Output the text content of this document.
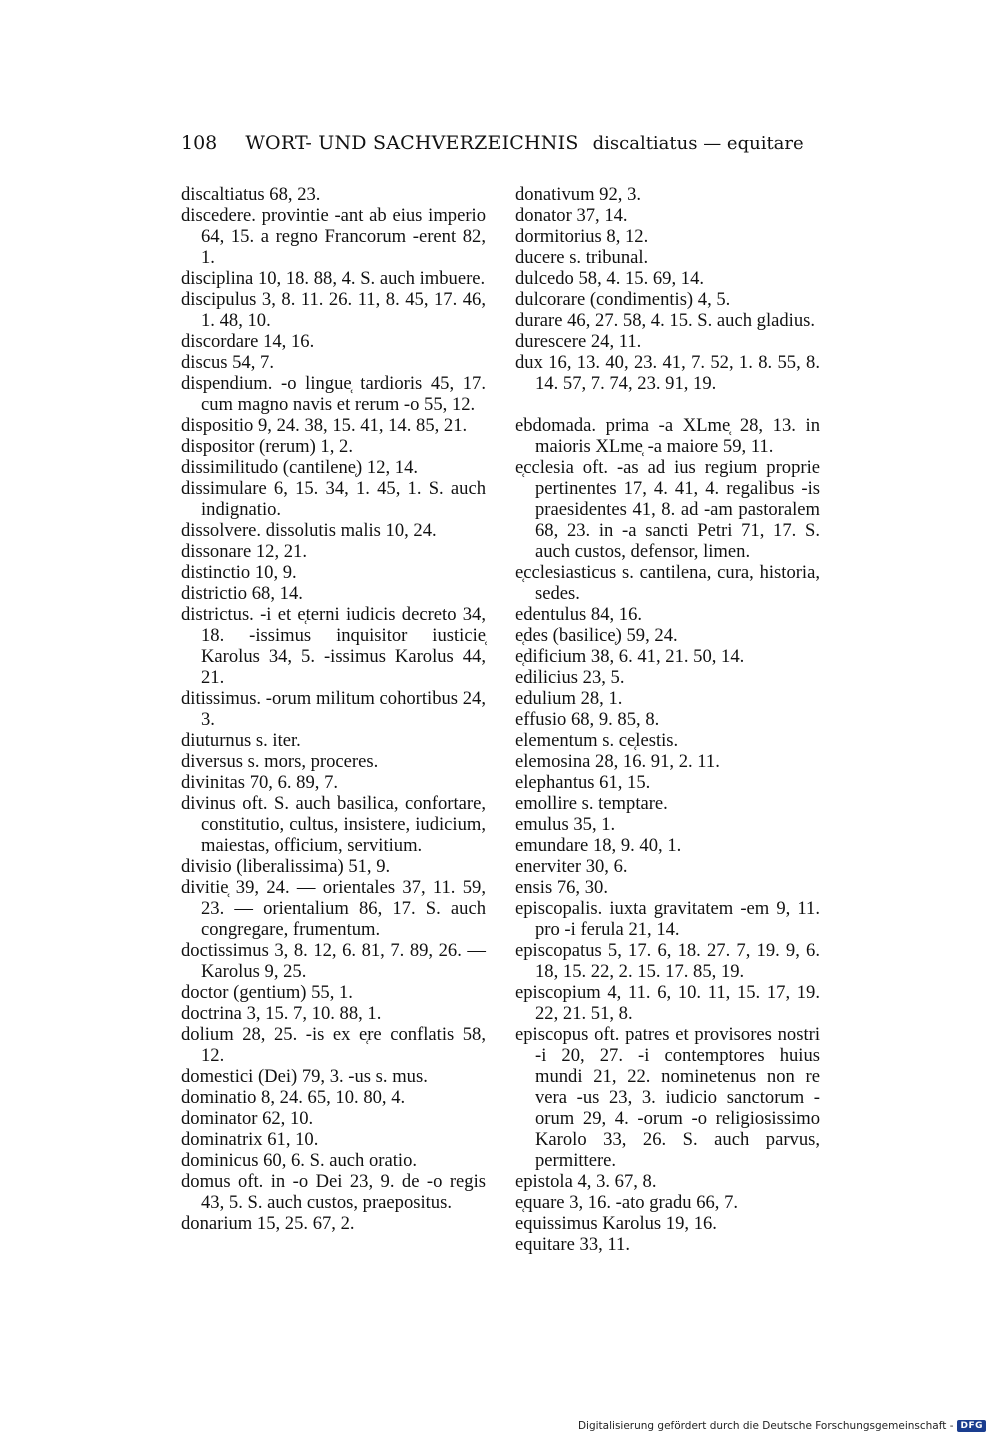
108 WORT- UND SACHVERZEICHNIS discaltiatus — equitare

discaltiatus 68, 23.

discedere. provintie -ant ab eius imperio 64, 15. a regno Francorum -erent 82, 1.

disciplina 10, 18. 88, 4. S. auch imbuere.

discipulus 3, 8. 11. 26. 11, 8. 45, 17. 46, 1. 48, 10.

discordare 14, 16.

discus 54, 7.

dispendium. -o lingue̜ tardioris 45, 17. cum magno navis et rerum -o 55, 12.

dispositio 9, 24. 38, 15. 41, 14. 85, 21.

dispositor (rerum) 1, 2.

dissimilitudo (cantilene̜) 12, 14.

dissimulare 6, 15. 34, 1. 45, 1. S. auch indignatio.

dissolvere. dissolutis malis 10, 24.

dissonare 12, 21.

distinctio 10, 9.

districtio 68, 14.

districtus. -i et e̜terni iudicis decreto 34, 18. -issimus inquisitor iusticie̜ Karolus 34, 5. -issimus Karolus 44, 21.

ditissimus. -orum militum cohortibus 24, 3.

diuturnus s. iter.

diversus s. mors, proceres.

divinitas 70, 6. 89, 7.

divinus oft. S. auch basilica, confortare, constitutio, cultus, insistere, iudicium, maiestas, officium, servitium.

divisio (liberalissima) 51, 9.

divitie̜ 39, 24. — orientales 37, 11. 59, 23. — orientalium 86, 17. S. auch congregare, frumentum.

doctissimus 3, 8. 12, 6. 81, 7. 89, 26. — Karolus 9, 25.

doctor (gentium) 55, 1.

doctrina 3, 15. 7, 10. 88, 1.

dolium 28, 25. -is ex e̜re conflatis 58, 12.

domestici (Dei) 79, 3. -us s. mus.

dominatio 8, 24. 65, 10. 80, 4.

dominator 62, 10.

dominatrix 61, 10.

dominicus 60, 6. S. auch oratio.

domus oft. in -o Dei 23, 9. de -o regis 43, 5. S. auch custos, praepositus.

donarium 15, 25. 67, 2.

donativum 92, 3.

donator 37, 14.

dormitorius 8, 12.

ducere s. tribunal.

dulcedo 58, 4. 15. 69, 14.

dulcorare (condimentis) 4, 5.

durare 46, 27. 58, 4. 15. S. auch gladius.

durescere 24, 11.

dux 16, 13. 40, 23. 41, 7. 52, 1. 8. 55, 8. 14. 57, 7. 74, 23. 91, 19.

ebdomada. prima -a XLme̜ 28, 13. in maioris XLme̜ -a maiore 59, 11.

e̜cclesia oft. -as ad ius regium proprie pertinentes 17, 4. 41, 4. regalibus -is praesidentes 41, 8. ad -am pastoralem 68, 23. in -a sancti Petri 71, 17. S. auch custos, defensor, limen.

e̜cclesiasticus s. cantilena, cura, historia, sedes.

edentulus 84, 16.

e̜des (basilice̜) 59, 24.

e̜dificium 38, 6. 41, 21. 50, 14.

edilicius 23, 5.

edulium 28, 1.

effusio 68, 9. 85, 8.

elementum s. ce̜lestis.

elemosina 28, 16. 91, 2. 11.

elephantus 61, 15.

emollire s. temptare.

emulus 35, 1.

emundare 18, 9. 40, 1.

enerviter 30, 6.

ensis 76, 30.

episcopalis. iuxta gravitatem -em 9, 11. pro -i ferula 21, 14.

episcopatus 5, 17. 6, 18. 27. 7, 19. 9, 6. 18, 15. 22, 2. 15. 17. 85, 19.

episcopium 4, 11. 6, 10. 11, 15. 17, 19. 22, 21. 51, 8.

episcopus oft. patres et provisores nostri -i 20, 27. -i contemptores huius mundi 21, 22. nominetenus non re vera -us 23, 3. iudicio sanctorum -orum 29, 4. -orum -o religiosissimo Karolo 33, 26. S. auch parvus, permittere.

epistola 4, 3. 67, 8.

e̜quare 3, 16. -ato gradu 66, 7.

equissimus Karolus 19, 16.

equitare 33, 11.

Digitalisierung gefördert durch die Deutsche Forschungsgemeinschaft - DFG
